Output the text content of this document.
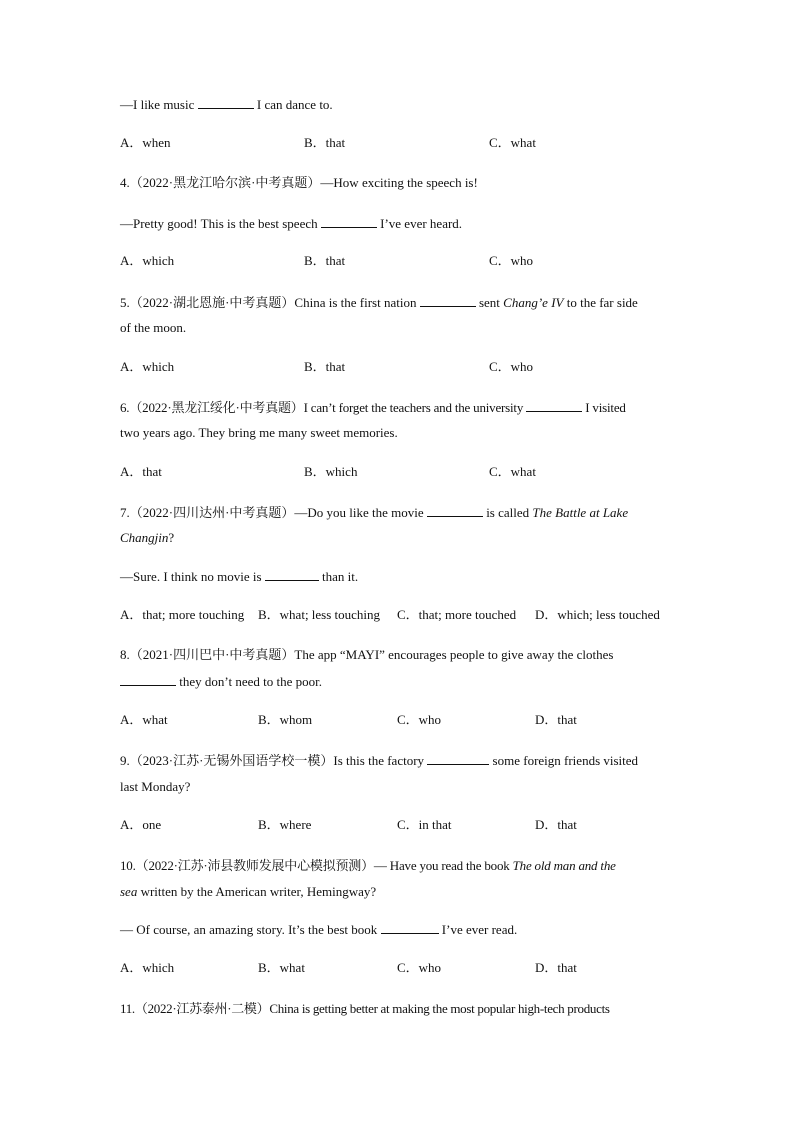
—I like music	I can dance to.
A．when	B．that	C．what
4.（2022·黑龙江哈尔滨·中考真题）—How exciting the speech is!
—Pretty good! This is the best speech	I’ve ever heard.
A．which	B．that	C．who
5.（2022·湖北恩施·中考真题）China is the first nation	sent Chang’e IV to the far side
of the moon.
A．which	B．that	C．who
6.（2022·黑龙江绥化·中考真题）I can’t forget the teachers and the university	I visited
two years ago. They bring me many sweet memories.
A．that	B．which	C．what
7.（2022·四川达州·中考真题）—Do you like the movie	is called The Battle at Lake
Changjin?
—Sure. I think no movie is	than it.
A．that; more touching B．what; less touching C．that; more touched D．which; less touched
8.（2021·四川巴中·中考真题）The app “MAYI” encourages people to give away the clothes
they don’t need to the poor.
A．what	B．whom	C．who	D．that
9.（2023·江苏·无锡外国语学校一模）Is this the factory	some foreign friends visited
last Monday?
A．one	B．where	C．in that	D．that
10.（2022·江苏·沛县教师发展中心模拟预测）— Have you read the book The old man and the
sea written by the American writer, Hemingway?
— Of course, an amazing story. It’s the best book	I’ve ever read.
A．which	B．what	C．who	D．that
11.（2022·江苏泰州·二模）China is getting better at making the most popular high-tech products
